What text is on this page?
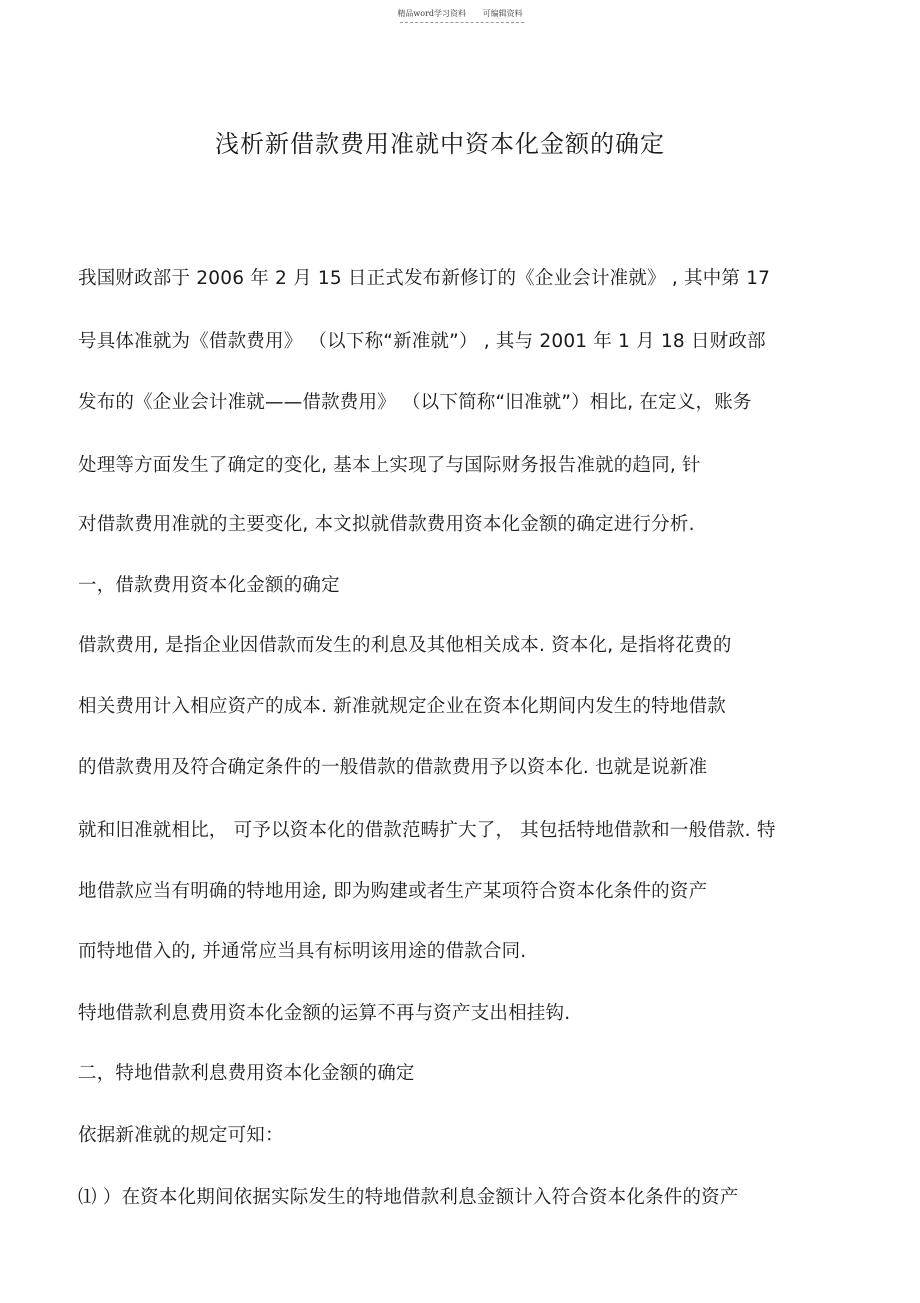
精品word学习资料 可编辑资料
浅析新借款费用准就中资本化金额的确定
我国财政部于 2006 年 2 月 15 日正式发布新修订的《企业会计准就》 , 其中第 17
号具体准就为《借款费用》 （以下称“新准就”） , 其与 2001 年 1 月 18 日财政部
发布的《企业会计准就——借款费用》 （以下简称“旧准就”）相比, 在定义，账务
处理等方面发生了确定的变化, 基本上实现了与国际财务报告准就的趋同, 针
对借款费用准就的主要变化, 本文拟就借款费用资本化金额的确定进行分析.
一，借款费用资本化金额的确定
借款费用, 是指企业因借款而发生的利息及其他相关成本. 资本化, 是指将花费的
相关费用计入相应资产的成本. 新准就规定企业在资本化期间内发生的特地借款
的借款费用及符合确定条件的一般借款的借款费用予以资本化. 也就是说新准
就和旧准就相比， 可予以资本化的借款范畴扩大了， 其包括特地借款和一般借款. 特
地借款应当有明确的特地用途, 即为购建或者生产某项符合资本化条件的资产
而特地借入的, 并通常应当具有标明该用途的借款合同.
特地借款利息费用资本化金额的运算不再与资产支出相挂钩.
二，特地借款利息费用资本化金额的确定
依据新准就的规定可知：
⑴ ）在资本化期间依据实际发生的特地借款利息金额计入符合资本化条件的资产
